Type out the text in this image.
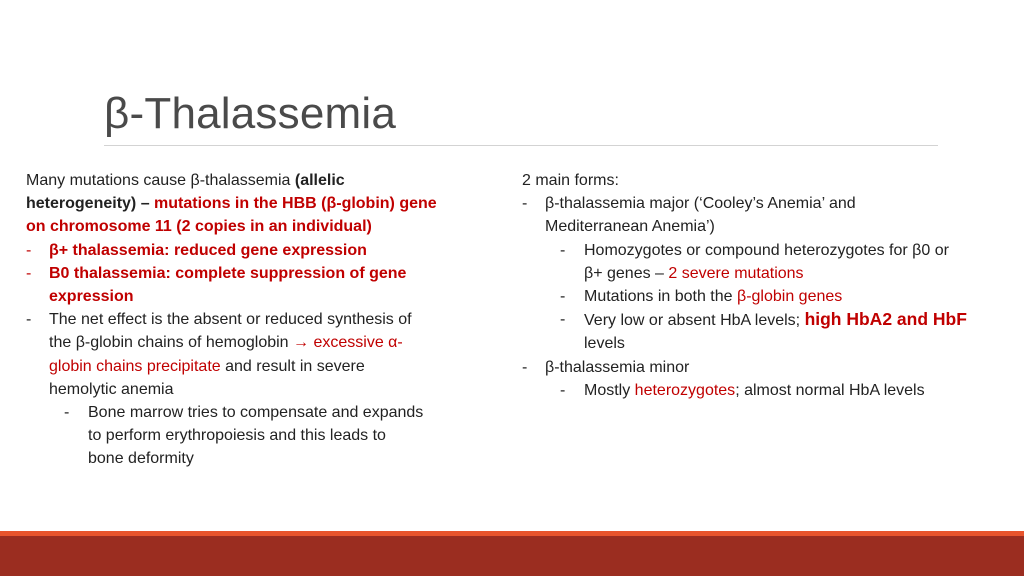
β-Thalassemia
Many mutations cause β-thalassemia (allelic
heterogeneity) – mutations in the HBB (β-globin) gene
on chromosome 11 (2 copies in an individual)
- β+ thalassemia: reduced gene expression
- B0 thalassemia: complete suppression of gene
expression
- The net effect is the absent or reduced synthesis of
the β-globin chains of hemoglobin → excessive α-
globin chains precipitate and result in severe
hemolytic anemia
- Bone marrow tries to compensate and expands
to perform erythropoiesis and this leads to
bone deformity
2 main forms:
- β-thalassemia major (‘Cooley’s Anemia’ and
Mediterranean Anemia’)
- Homozygotes or compound heterozygotes for β0 or
β+ genes – 2 severe mutations
- Mutations in both the β-globin genes
- Very low or absent HbA levels; high HbA2 and HbF
levels
- β-thalassemia minor
- Mostly heterozygotes; almost normal HbA levels
